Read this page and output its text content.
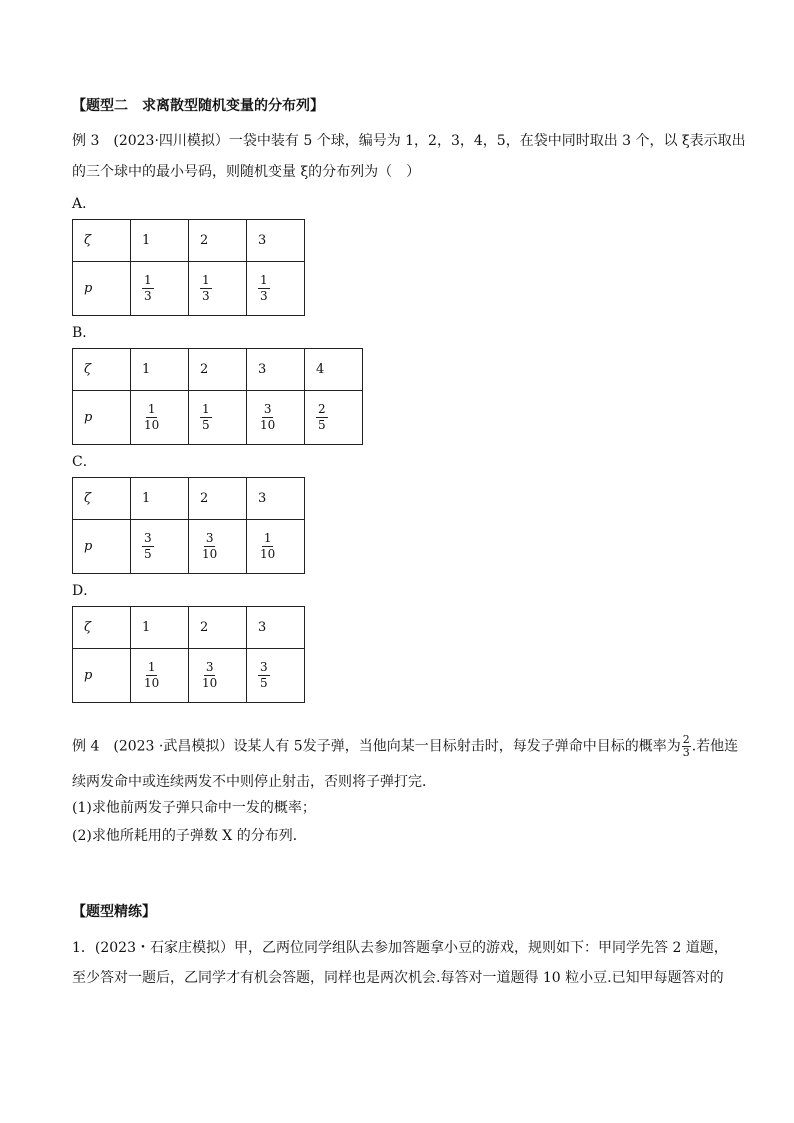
【题型二　求离散型随机变量的分布列】
例 3　(2023·四川模拟）一袋中装有 5 个球，编号为 1，2，3，4，5，在袋中同时取出 3 个，以 ξ表示取出
的三个球中的最小号码，则随机变量 ξ的分布列为（　）
A．
ζ	1	2	3
p	$\frac{1}{3}$	$\frac{1}{3}$	$\frac{1}{3}$
B．
ζ	1	2	3	4
p	$\frac{1}{10}$	$\frac{1}{5}$	$\frac{3}{10}$	$\frac{2}{5}$
C．
ζ	1	2	3
p	$\frac{3}{5}$	$\frac{3}{10}$	$\frac{1}{10}$
D．
ζ	1	2	3
p	$\frac{1}{10}$	$\frac{3}{10}$	$\frac{3}{5}$
例 4　(2023 ·武昌模拟）设某人有 5发子弹，当他向某一目标射击时，每发子弹命中目标的概率为 $\frac{2}{3}$ .若他连
续两发命中或连续两发不中则停止射击，否则将子弹打完．
(1)求他前两发子弹只命中一发的概率；
(2)求他所耗用的子弹数 X 的分布列．
【题型精练】
1．(2023・石家庄模拟）甲，乙两位同学组队去参加答题拿小豆的游戏，规则如下：甲同学先答 2 道题，
至少答对一题后，乙同学才有机会答题，同样也是两次机会.每答对一道题得 10 粒小豆.已知甲每题答对的
